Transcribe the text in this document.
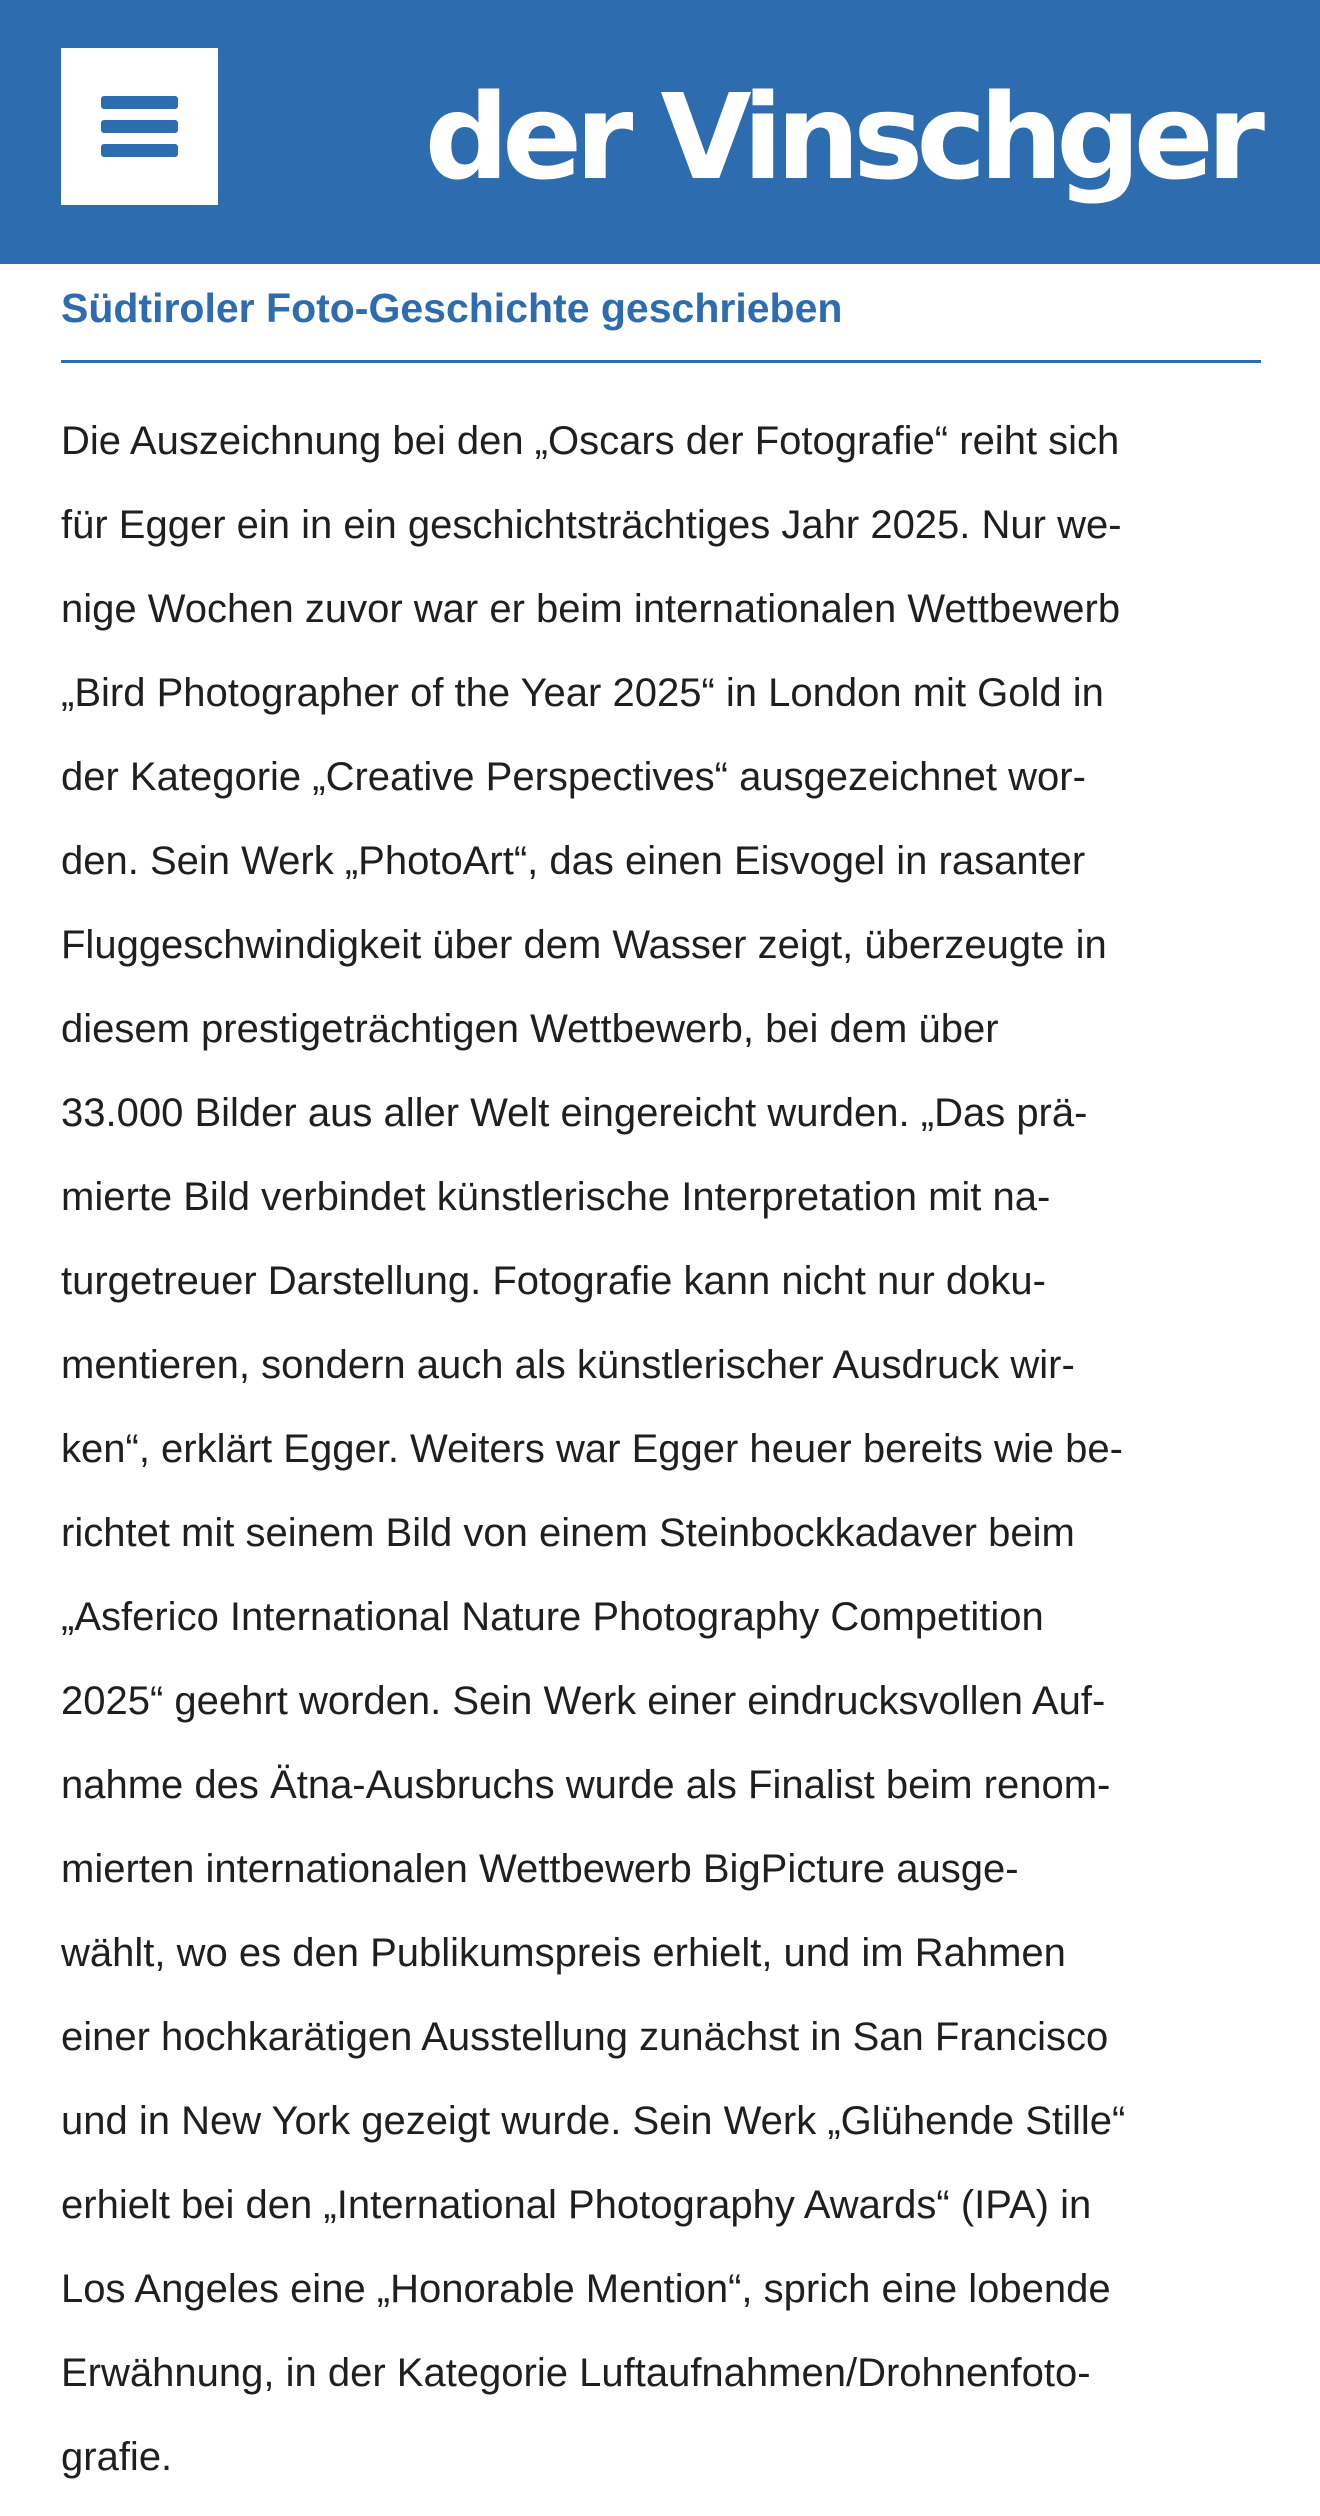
der Vinschger
Südtiroler Foto-Geschichte geschrieben
Die Auszeichnung bei den „Oscars der Fotografie“ reiht sich
für Egger ein in ein geschichtsträchtiges Jahr 2025. Nur we-
nige Wochen zuvor war er beim internationalen Wettbewerb
„Bird Photographer of the Year 2025“ in London mit Gold in
der Kategorie „Creative Perspectives“ ausgezeichnet wor-
den. Sein Werk „PhotoArt“, das einen Eisvogel in rasanter
Fluggeschwindigkeit über dem Wasser zeigt, überzeugte in
diesem prestigeträchtigen Wettbewerb, bei dem über
33.000 Bilder aus aller Welt eingereicht wurden. „Das prä-
mierte Bild verbindet künstlerische Interpretation mit na-
turgetreuer Darstellung. Fotografie kann nicht nur doku-
mentieren, sondern auch als künstlerischer Ausdruck wir-
ken“, erklärt Egger. Weiters war Egger heuer bereits wie be-
richtet mit seinem Bild von einem Steinbockkadaver beim
„Asferico International Nature Photography Competition
2025“ geehrt worden. Sein Werk einer eindrucksvollen Auf-
nahme des Ätna-Ausbruchs wurde als Finalist beim renom-
mierten internationalen Wettbewerb BigPicture ausge-
wählt, wo es den Publikumspreis erhielt, und im Rahmen
einer hochkarätigen Ausstellung zunächst in San Francisco
und in New York gezeigt wurde. Sein Werk „Glühende Stille“
erhielt bei den „International Photography Awards“ (IPA) in
Los Angeles eine „Honorable Mention“, sprich eine lobende
Erwähnung, in der Kategorie Luftaufnahmen/Drohnenfoto-
grafie.
